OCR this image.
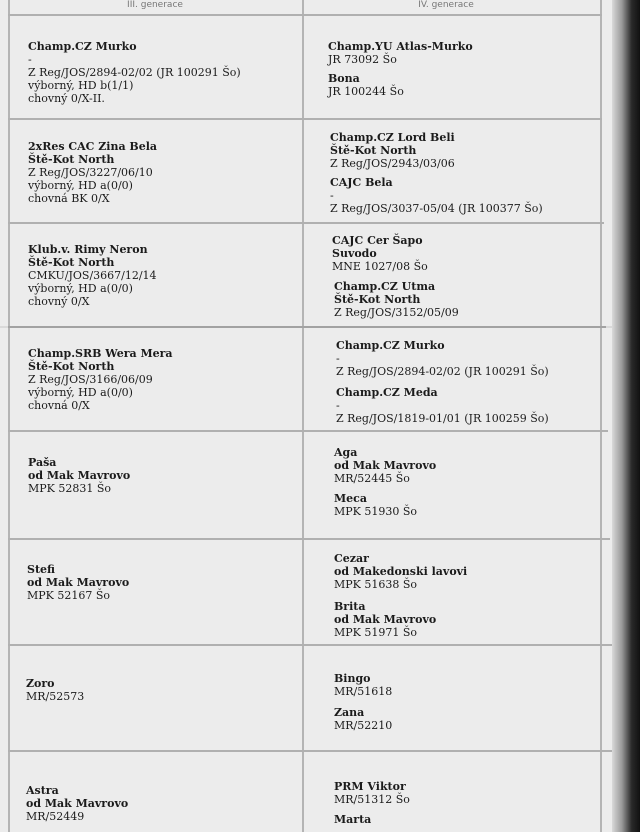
III. generace	IV. generace
Champ.CZ Murko
-
Z Reg/JOS/2894-02/02 (JR 100291 Šo)
výborný, HD b(1/1)
chovný 0/X-II.
Champ.YU Atlas-Murko
JR 73092 Šo
Bona
JR 100244 Šo
2xRes CAC Zina Bela
Ště-Kot North
Z Reg/JOS/3227/06/10
výborný, HD a(0/0)
chovná BK 0/X
Champ.CZ Lord Beli
Ště-Kot North
Z Reg/JOS/2943/03/06
CAJC Bela
-
Z Reg/JOS/3037-05/04 (JR 100377 Šo)
Klub.v. Rimy Neron
Ště-Kot North
CMKU/JOS/3667/12/14
výborný, HD a(0/0)
chovný 0/X
CAJC Cer Šapo
Suvodo
MNE 1027/08 Šo
Champ.CZ Utma
Ště-Kot North
Z Reg/JOS/3152/05/09
Champ.SRB Wera Mera
Ště-Kot North
Z Reg/JOS/3166/06/09
výborný, HD a(0/0)
chovná 0/X
Champ.CZ Murko
-
Z Reg/JOS/2894-02/02 (JR 100291 Šo)
Champ.CZ Meda
-
Z Reg/JOS/1819-01/01 (JR 100259 Šo)
Paša
od Mak Mavrovo
MPK 52831 Šo
Aga
od Mak Mavrovo
MR/52445 Šo
Meca
MPK 51930 Šo
Stefi
od Mak Mavrovo
MPK 52167 Šo
Cezar
od Makedonski lavovi
MPK 51638 Šo
Brita
od Mak Mavrovo
MPK 51971 Šo
Zoro
MR/52573
Bingo
MR/51618
Zana
MR/52210
Astra
od Mak Mavrovo
MR/52449
PRM Viktor
MR/51312 Šo
Marta
